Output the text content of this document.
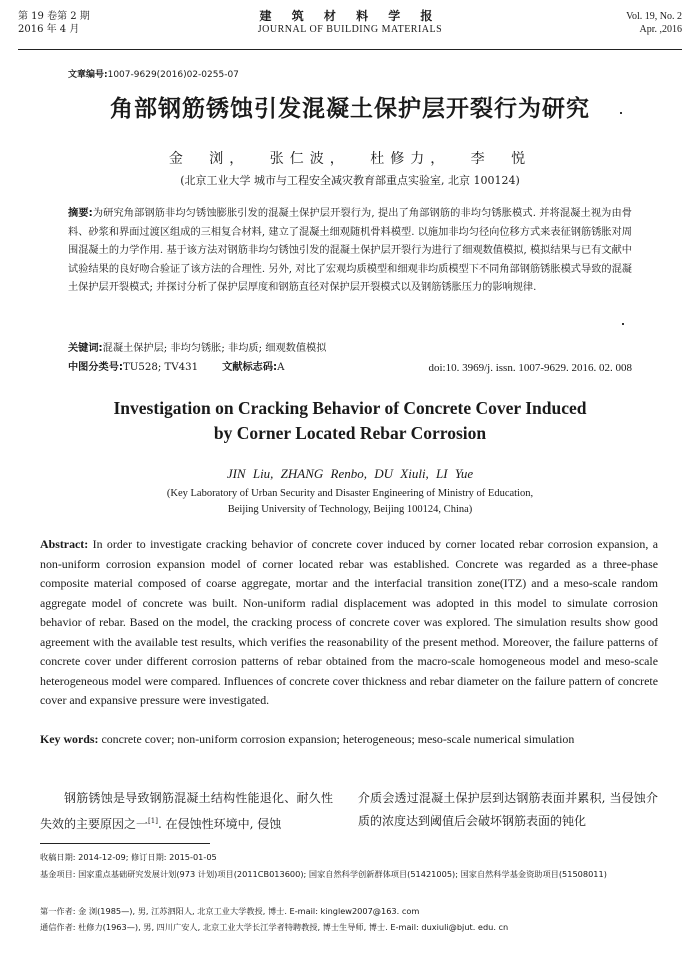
第 19 卷第 2 期
2016 年 4 月
建 筑 材 料 学 报
JOURNAL OF BUILDING MATERIALS
Vol. 19, No. 2
Apr. ,2016
文章编号:1007-9629(2016)02-0255-07
角部钢筋锈蚀引发混凝土保护层开裂行为研究
金 浏， 张仁波， 杜修力， 李 悦
(北京工业大学 城市与工程安全减灾教育部重点实验室, 北京 100124)
摘要:为研究角部钢筋非均匀锈蚀膨胀引发的混凝土保护层开裂行为, 提出了角部钢筋的非均匀锈胀模式. 并将混凝土视为由骨料、砂浆和界面过渡区组成的三相复合材料, 建立了混凝土细观随机骨料模型. 以施加非均匀径向位移方式来表征钢筋锈胀对周围混凝土的力学作用. 基于该方法对钢筋非均匀锈蚀引发的混凝土保护层开裂行为进行了细观数值模拟, 模拟结果与已有文献中试验结果的良好吻合验证了该方法的合理性. 另外, 对比了宏观均质模型和细观非均质模型下不同角部钢筋锈胀模式导致的混凝土保护层开裂模式; 并探讨分析了保护层厚度和钢筋直径对保护层开裂模式以及钢筋锈胀压力的影响规律.
关键词:混凝土保护层; 非均匀锈胀; 非均质; 细观数值模拟
中图分类号:TU528; TV431 文献标志码:A	doi:10. 3969/j. issn. 1007-9629. 2016. 02. 008
Investigation on Cracking Behavior of Concrete Cover Induced
by Corner Located Rebar Corrosion
JIN Liu, ZHANG Renbo, DU Xiuli, LI Yue
(Key Laboratory of Urban Security and Disaster Engineering of Ministry of Education,
Beijing University of Technology, Beijing 100124, China)
Abstract: In order to investigate cracking behavior of concrete cover induced by corner located rebar corrosion expansion, a non-uniform corrosion expansion model of corner located rebar was established. Concrete was regarded as a three-phase composite material composed of coarse aggregate, mortar and the interfacial transition zone(ITZ) and a meso-scale random aggregate model of concrete was built. Non-uniform radial displacement was adopted in this model to simulate corrosion behavior of rebar. Based on the model, the cracking process of concrete cover was explored. The simulation results show good agreement with the available test results, which verifies the reasonability of the present method. Moreover, the failure patterns of concrete cover under different corrosion patterns of rebar obtained from the macro-scale homogeneous model and meso-scale heterogeneous model were compared. Influences of concrete cover thickness and rebar diameter on the failure pattern of concrete cover and expansive pressure were investigated.
Key words: concrete cover; non-uniform corrosion expansion; heterogeneous; meso-scale numerical simulation
钢筋锈蚀是导致钢筋混凝土结构性能退化、耐久性失效的主要原因之一[1]. 在侵蚀性环境中, 侵蚀
介质会透过混凝土保护层到达钢筋表面并累积, 当侵蚀介质的浓度达到阈值后会破坏钢筋表面的钝化
收稿日期: 2014-12-09; 修订日期: 2015-01-05
基金项目: 国家重点基础研究发展计划(973 计划)项目(2011CB013600); 国家自然科学创新群体项目(51421005); 国家自然科学基金资助项目(51508011)
第一作者: 金 浏(1985—), 男, 江苏泗阳人, 北京工业大学教授, 博士. E-mail: kinglew2007@163. com
通信作者: 杜修力(1963—), 男, 四川广安人, 北京工业大学长江学者特聘教授, 博士生导师, 博士. E-mail: duxiuli@bjut. edu. cn
